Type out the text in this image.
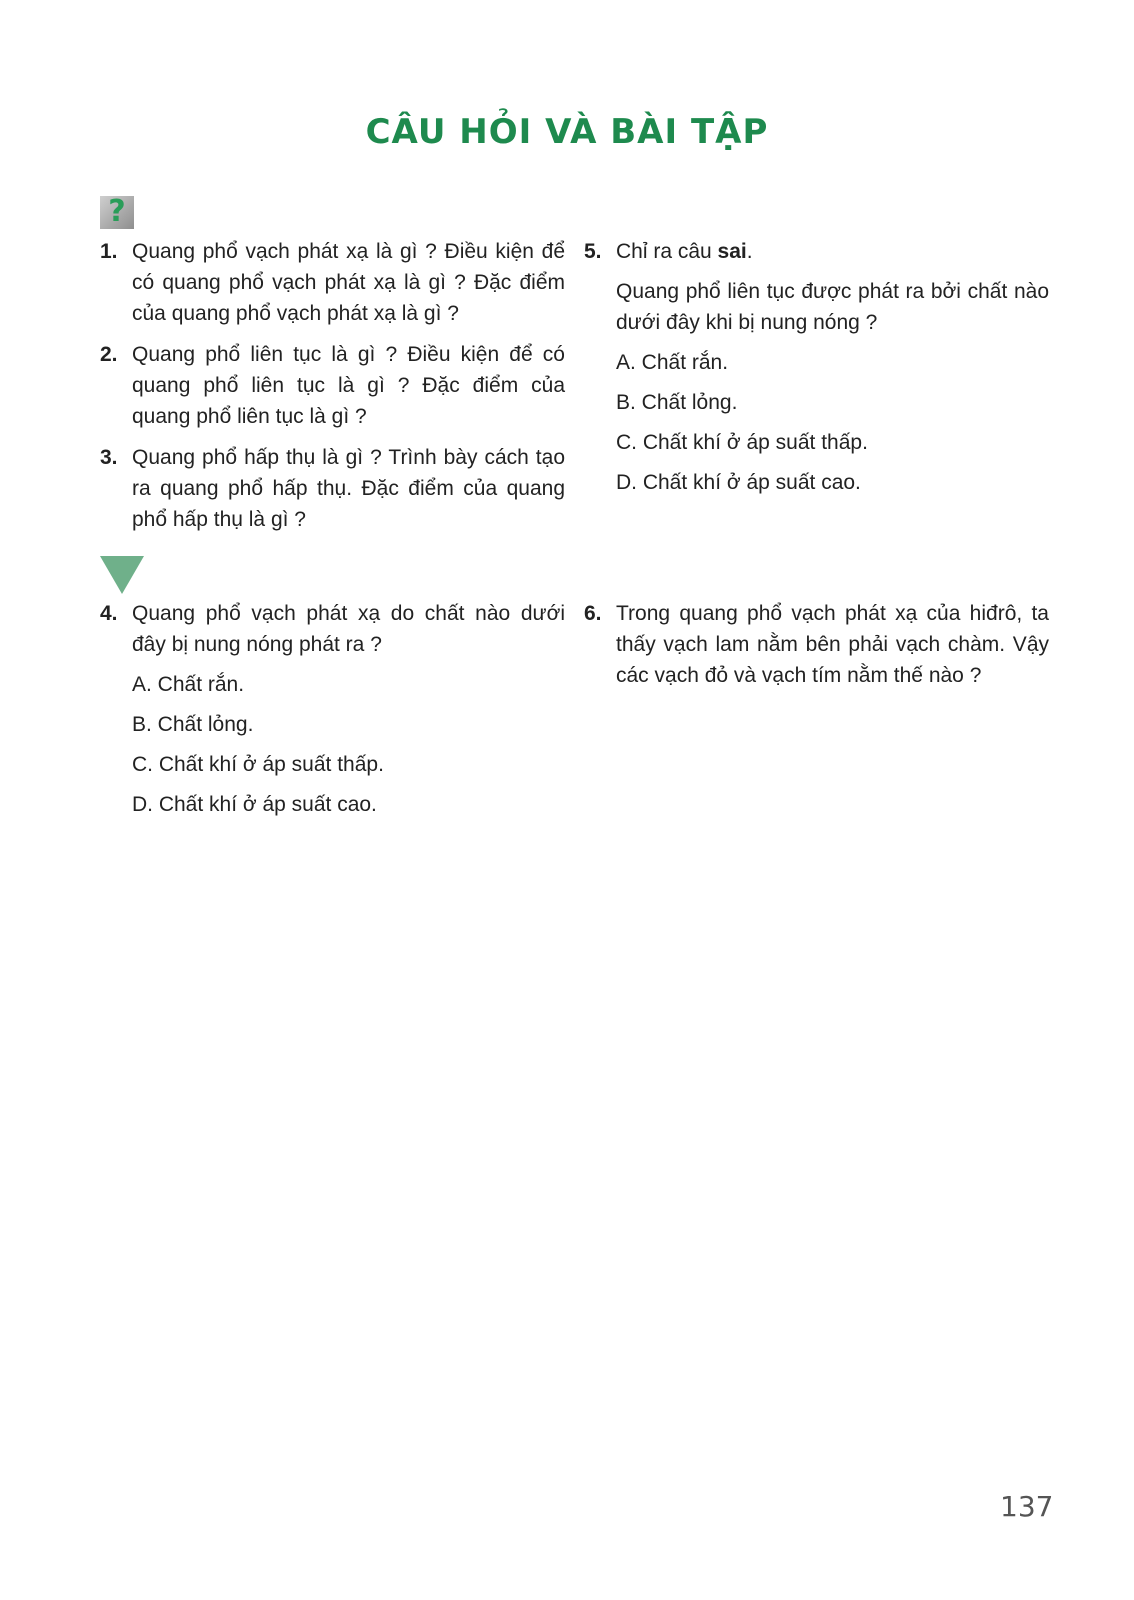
CÂU HỎI VÀ BÀI TẬP
?
1. Quang phổ vạch phát xạ là gì ? Điều kiện để có quang phổ vạch phát xạ là gì ? Đặc điểm của quang phổ vạch phát xạ là gì ?
2. Quang phổ liên tục là gì ? Điều kiện để có quang phổ liên tục là gì ? Đặc điểm của quang phổ liên tục là gì ?
3. Quang phổ hấp thụ là gì ? Trình bày cách tạo ra quang phổ hấp thụ. Đặc điểm của quang phổ hấp thụ là gì ?
5. Chỉ ra câu sai.
Quang phổ liên tục được phát ra bởi chất nào dưới đây khi bị nung nóng ?
A. Chất rắn.
B. Chất lỏng.
C. Chất khí ở áp suất thấp.
D. Chất khí ở áp suất cao.
4. Quang phổ vạch phát xạ do chất nào dưới đây bị nung nóng phát ra ?
A. Chất rắn.
B. Chất lỏng.
C. Chất khí ở áp suất thấp.
D. Chất khí ở áp suất cao.
6. Trong quang phổ vạch phát xạ của hiđrô, ta thấy vạch lam nằm bên phải vạch chàm. Vậy các vạch đỏ và vạch tím nằm thế nào ?
137
